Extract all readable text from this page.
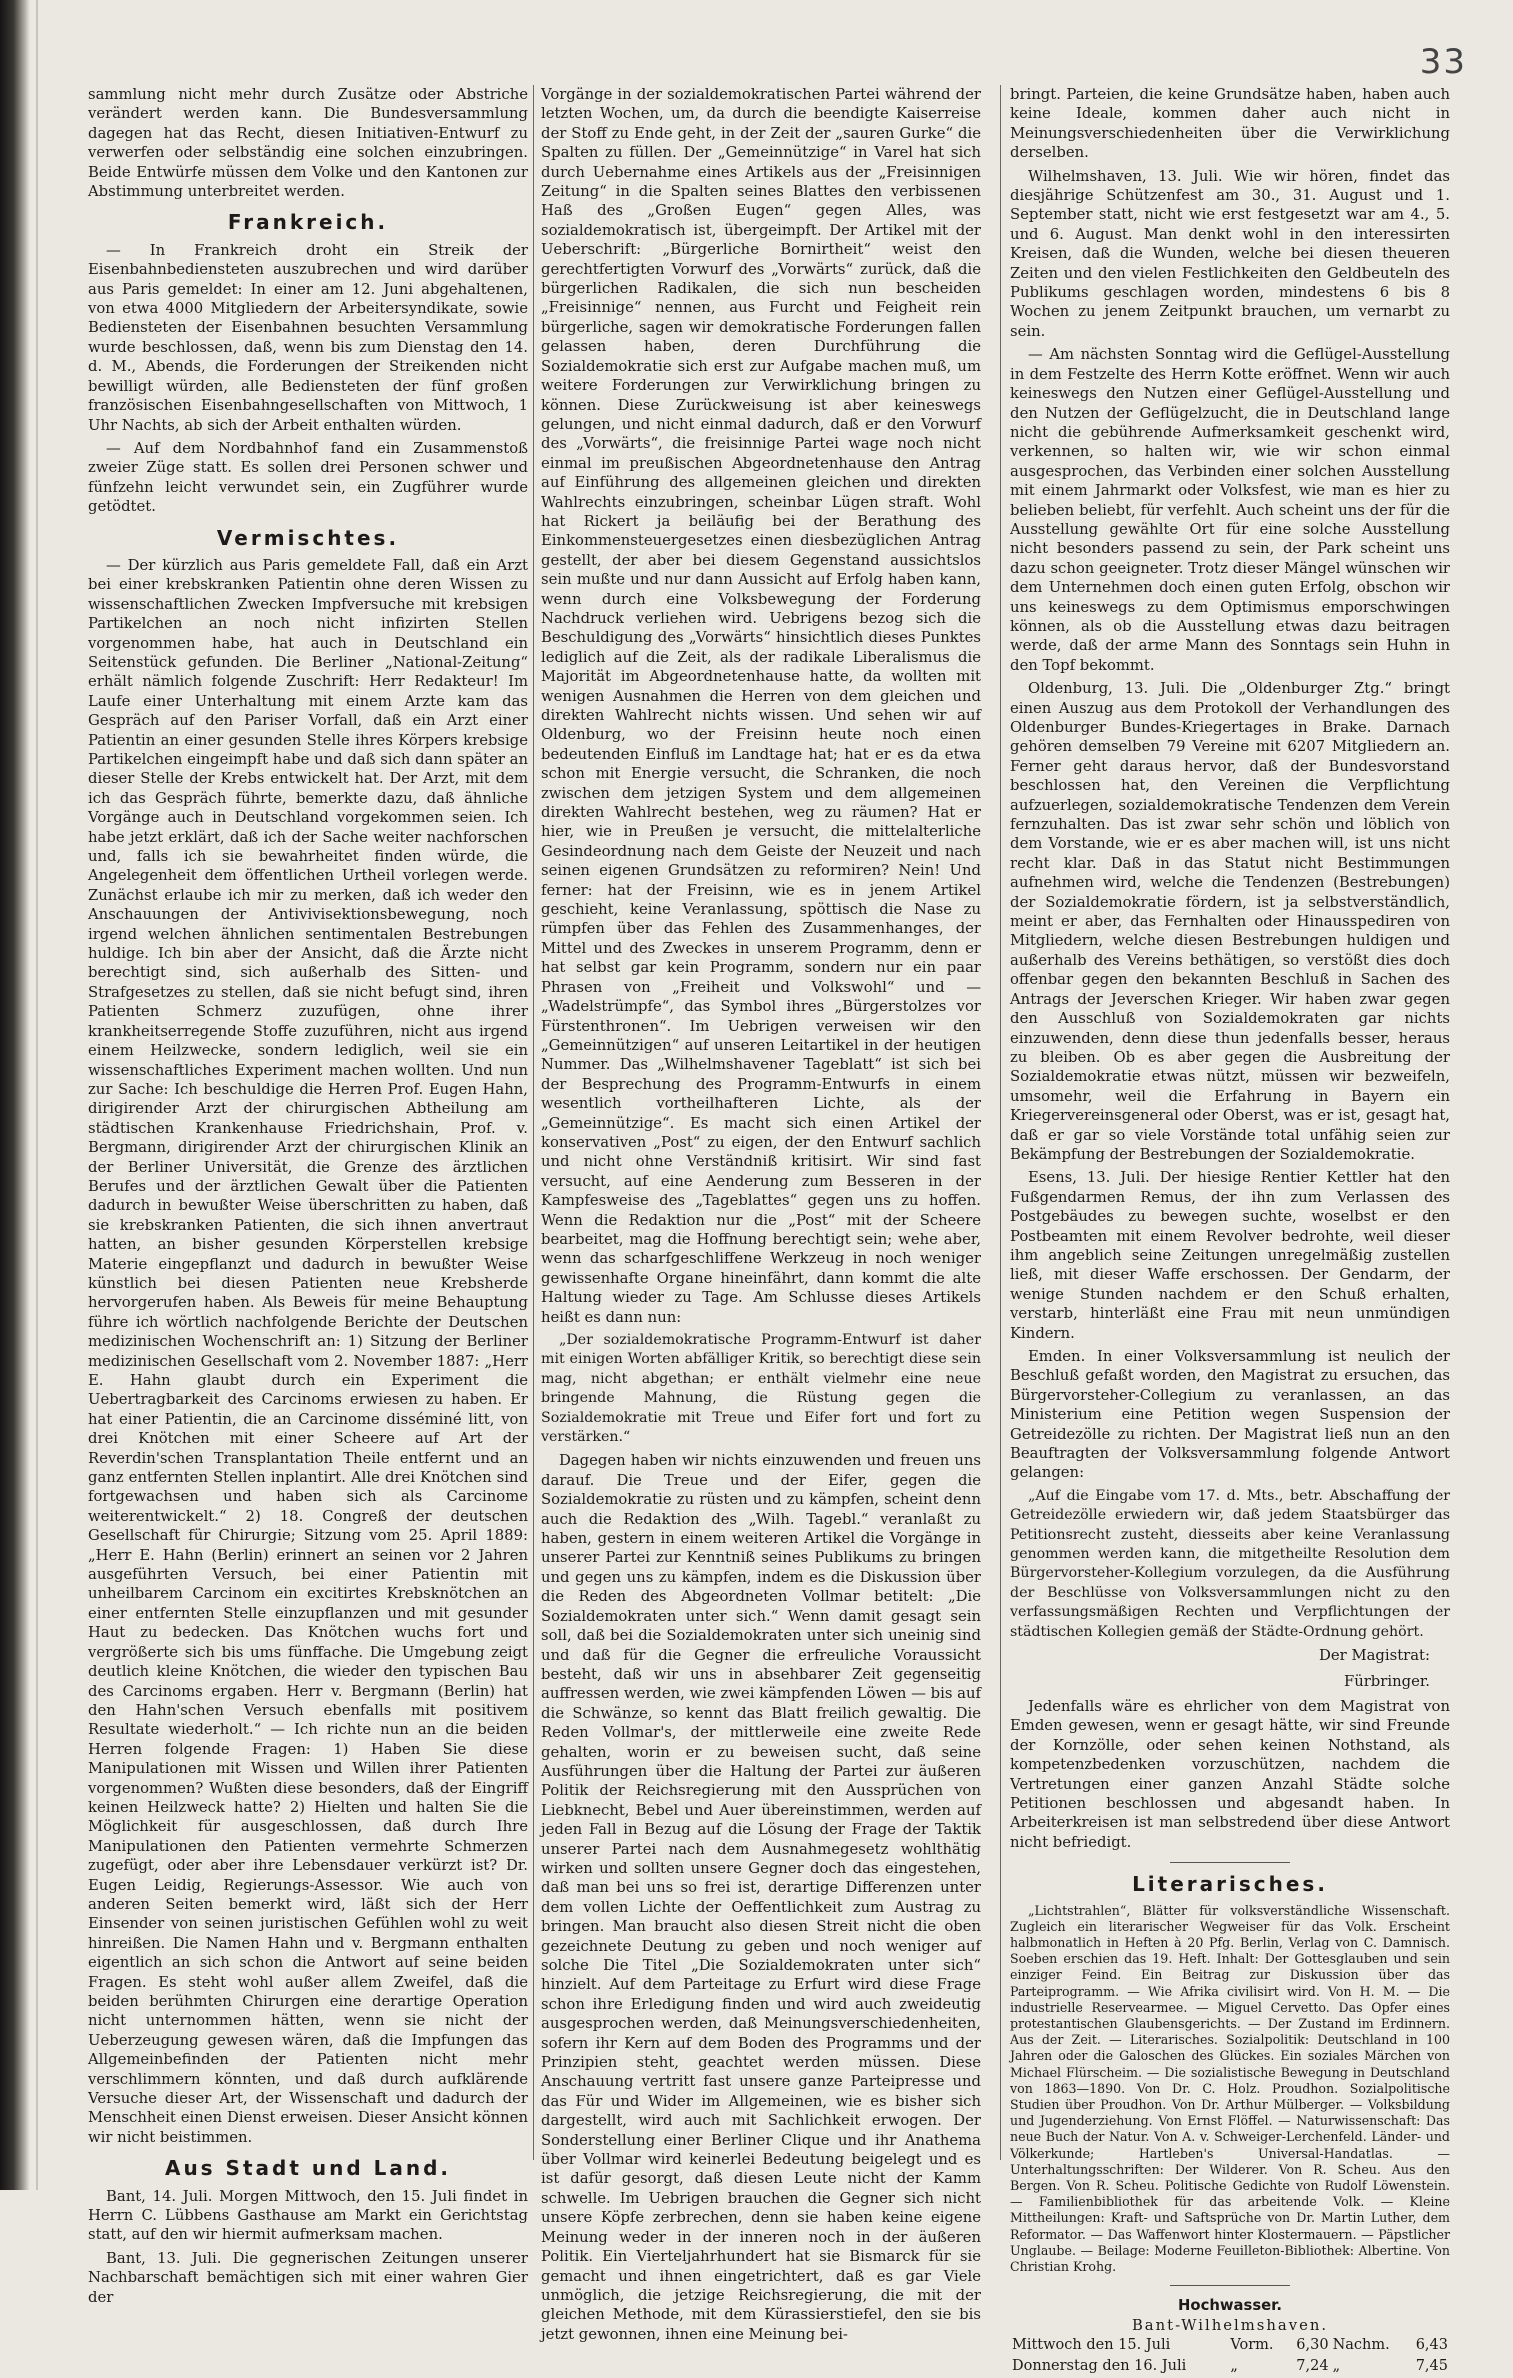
33

sammlung nicht mehr durch Zusätze oder Abstriche verändert werden kann. Die Bundesversammlung dagegen hat das Recht, diesen Initiativen-Entwurf zu verwerfen oder selbständig eine solchen einzubringen. Beide Entwürfe müssen dem Volke und den Kantonen zur Abstimmung unterbreitet werden.

Frankreich.

— In Frankreich droht ein Streik der Eisenbahnbediensteten auszubrechen und wird darüber aus Paris gemeldet: In einer am 12. Juni abgehaltenen, von etwa 4000 Mitgliedern der Arbeitersyndikate, sowie Bediensteten der Eisenbahnen besuchten Versammlung wurde beschlossen, daß, wenn bis zum Dienstag den 14. d. M., Abends, die Forderungen der Streikenden nicht bewilligt würden, alle Bediensteten der fünf großen französischen Eisenbahngesellschaften von Mittwoch, 1 Uhr Nachts, ab sich der Arbeit enthalten würden.

— Auf dem Nordbahnhof fand ein Zusammenstoß zweier Züge statt. Es sollen drei Personen schwer und fünfzehn leicht verwundet sein, ein Zugführer wurde getödtet.

Vermischtes.

— Der kürzlich aus Paris gemeldete Fall, daß ein Arzt bei einer krebskranken Patientin ohne deren Wissen zu wissenschaftlichen Zwecken Impfversuche mit krebsigen Partikelchen an noch nicht infizirten Stellen vorgenommen habe, hat auch in Deutschland ein Seitenstück gefunden. Die Berliner „National-Zeitung“ erhält nämlich folgende Zuschrift: Herr Redakteur! Im Laufe einer Unterhaltung mit einem Arzte kam das Gespräch auf den Pariser Vorfall, daß ein Arzt einer Patientin an einer gesunden Stelle ihres Körpers krebsige Partikelchen eingeimpft habe und daß sich dann später an dieser Stelle der Krebs entwickelt hat. Der Arzt, mit dem ich das Gespräch führte, bemerkte dazu, daß ähnliche Vorgänge auch in Deutschland vorgekommen seien. Ich habe jetzt erklärt, daß ich der Sache weiter nachforschen und, falls ich sie bewahrheitet finden würde, die Angelegenheit dem öffentlichen Urtheil vorlegen werde. Zunächst erlaube ich mir zu merken, daß ich weder den Anschauungen der Antivivisektionsbewegung, noch irgend welchen ähnlichen sentimentalen Bestrebungen huldige. Ich bin aber der Ansicht, daß die Ärzte nicht berechtigt sind, sich außerhalb des Sitten- und Strafgesetzes zu stellen, daß sie nicht befugt sind, ihren Patienten Schmerz zuzufügen, ohne ihrer krankheitserregende Stoffe zuzuführen, nicht aus irgend einem Heilzwecke, sondern lediglich, weil sie ein wissenschaftliches Experiment machen wollten. Und nun zur Sache: Ich beschuldige die Herren Prof. Eugen Hahn, dirigirender Arzt der chirurgischen Abtheilung am städtischen Krankenhause Friedrichshain, Prof. v. Bergmann, dirigirender Arzt der chirurgischen Klinik an der Berliner Universität, die Grenze des ärztlichen Berufes und der ärztlichen Gewalt über die Patienten dadurch in bewußter Weise überschritten zu haben, daß sie krebskranken Patienten, die sich ihnen anvertraut hatten, an bisher gesunden Körperstellen krebsige Materie eingepflanzt und dadurch in bewußter Weise künstlich bei diesen Patienten neue Krebsherde hervorgerufen haben. Als Beweis für meine Behauptung führe ich wörtlich nachfolgende Berichte der Deutschen medizinischen Wochenschrift an: 1) Sitzung der Berliner medizinischen Gesellschaft vom 2. November 1887: „Herr E. Hahn glaubt durch ein Experiment die Uebertragbarkeit des Carcinoms erwiesen zu haben. Er hat einer Patientin, die an Carcinome disséminé litt, von drei Knötchen mit einer Scheere auf Art der Reverdin'schen Transplantation Theile entfernt und an ganz entfernten Stellen inplantirt. Alle drei Knötchen sind fortgewachsen und haben sich als Carcinome weiterentwickelt.“ 2) 18. Congreß der deutschen Gesellschaft für Chirurgie; Sitzung vom 25. April 1889: „Herr E. Hahn (Berlin) erinnert an seinen vor 2 Jahren ausgeführten Versuch, bei einer Patientin mit unheilbarem Carcinom ein excitirtes Krebsknötchen an einer entfernten Stelle einzupflanzen und mit gesunder Haut zu bedecken. Das Knötchen wuchs fort und vergrößerte sich bis ums fünffache. Die Umgebung zeigt deutlich kleine Knötchen, die wieder den typischen Bau des Carcinoms ergaben. Herr v. Bergmann (Berlin) hat den Hahn'schen Versuch ebenfalls mit positivem Resultate wiederholt.“ — Ich richte nun an die beiden Herren folgende Fragen: 1) Haben Sie diese Manipulationen mit Wissen und Willen ihrer Patienten vorgenommen? Wußten diese besonders, daß der Eingriff keinen Heilzweck hatte? 2) Hielten und halten Sie die Möglichkeit für ausgeschlossen, daß durch Ihre Manipulationen den Patienten vermehrte Schmerzen zugefügt, oder aber ihre Lebensdauer verkürzt ist? Dr. Eugen Leidig, Regierungs-Assessor. Wie auch von anderen Seiten bemerkt wird, läßt sich der Herr Einsender von seinen juristischen Gefühlen wohl zu weit hinreißen. Die Namen Hahn und v. Bergmann enthalten eigentlich an sich schon die Antwort auf seine beiden Fragen. Es steht wohl außer allem Zweifel, daß die beiden berühmten Chirurgen eine derartige Operation nicht unternommen hätten, wenn sie nicht der Ueberzeugung gewesen wären, daß die Impfungen das Allgemeinbefinden der Patienten nicht mehr verschlimmern könnten, und daß durch aufklärende Versuche dieser Art, der Wissenschaft und dadurch der Menschheit einen Dienst erweisen. Dieser Ansicht können wir nicht beistimmen.

Aus Stadt und Land.

Bant, 14. Juli. Morgen Mittwoch, den 15. Juli findet in Herrn C. Lübbens Gasthause am Markt ein Gerichtstag statt, auf den wir hiermit aufmerksam machen.

Bant, 13. Juli. Die gegnerischen Zeitungen unserer Nachbarschaft bemächtigen sich mit einer wahren Gier der

Vorgänge in der sozialdemokratischen Partei während der letzten Wochen, um, da durch die beendigte Kaiserreise der Stoff zu Ende geht, in der Zeit der „sauren Gurke“ die Spalten zu füllen. Der „Gemeinnützige“ in Varel hat sich durch Uebernahme eines Artikels aus der „Freisinnigen Zeitung“ in die Spalten seines Blattes den verbissenen Haß des „Großen Eugen“ gegen Alles, was sozialdemokratisch ist, übergeimpft. Der Artikel mit der Ueberschrift: „Bürgerliche Bornirtheit“ weist den gerechtfertigten Vorwurf des „Vorwärts“ zurück, daß die bürgerlichen Radikalen, die sich nun bescheiden „Freisinnige“ nennen, aus Furcht und Feigheit rein bürgerliche, sagen wir demokratische Forderungen fallen gelassen haben, deren Durchführung die Sozialdemokratie sich erst zur Aufgabe machen muß, um weitere Forderungen zur Verwirklichung bringen zu können. Diese Zurückweisung ist aber keineswegs gelungen, und nicht einmal dadurch, daß er den Vorwurf des „Vorwärts“, die freisinnige Partei wage noch nicht einmal im preußischen Abgeordnetenhause den Antrag auf Einführung des allgemeinen gleichen und direkten Wahlrechts einzubringen, scheinbar Lügen straft. Wohl hat Rickert ja beiläufig bei der Berathung des Einkommensteuergesetzes einen diesbezüglichen Antrag gestellt, der aber bei diesem Gegenstand aussichtslos sein mußte und nur dann Aussicht auf Erfolg haben kann, wenn durch eine Volksbewegung der Forderung Nachdruck verliehen wird. Uebrigens bezog sich die Beschuldigung des „Vorwärts“ hinsichtlich dieses Punktes lediglich auf die Zeit, als der radikale Liberalismus die Majorität im Abgeordnetenhause hatte, da wollten mit wenigen Ausnahmen die Herren von dem gleichen und direkten Wahlrecht nichts wissen. Und sehen wir auf Oldenburg, wo der Freisinn heute noch einen bedeutenden Einfluß im Landtage hat; hat er es da etwa schon mit Energie versucht, die Schranken, die noch zwischen dem jetzigen System und dem allgemeinen direkten Wahlrecht bestehen, weg zu räumen? Hat er hier, wie in Preußen je versucht, die mittelalterliche Gesindeordnung nach dem Geiste der Neuzeit und nach seinen eigenen Grundsätzen zu reformiren? Nein! Und ferner: hat der Freisinn, wie es in jenem Artikel geschieht, keine Veranlassung, spöttisch die Nase zu rümpfen über das Fehlen des Zusammenhanges, der Mittel und des Zweckes in unserem Programm, denn er hat selbst gar kein Programm, sondern nur ein paar Phrasen von „Freiheit und Volkswohl“ und — „Wadelstrümpfe“, das Symbol ihres „Bürgerstolzes vor Fürstenthronen“. Im Uebrigen verweisen wir den „Gemeinnützigen“ auf unseren Leitartikel in der heutigen Nummer. Das „Wilhelmshavener Tageblatt“ ist sich bei der Besprechung des Programm-Entwurfs in einem wesentlich vortheilhafteren Lichte, als der „Gemeinnützige“. Es macht sich einen Artikel der konservativen „Post“ zu eigen, der den Entwurf sachlich und nicht ohne Verständniß kritisirt. Wir sind fast versucht, auf eine Aenderung zum Besseren in der Kampfesweise des „Tageblattes“ gegen uns zu hoffen. Wenn die Redaktion nur die „Post“ mit der Scheere bearbeitet, mag die Hoffnung berechtigt sein; wehe aber, wenn das scharfgeschliffene Werkzeug in noch weniger gewissenhafte Organe hineinfährt, dann kommt die alte Haltung wieder zu Tage. Am Schlusse dieses Artikels heißt es dann nun:

„Der sozialdemokratische Programm-Entwurf ist daher mit einigen Worten abfälliger Kritik, so berechtigt diese sein mag, nicht abgethan; er enthält vielmehr eine neue bringende Mahnung, die Rüstung gegen die Sozialdemokratie mit Treue und Eifer fort und fort zu verstärken.“

Dagegen haben wir nichts einzuwenden und freuen uns darauf. Die Treue und der Eifer, gegen die Sozialdemokratie zu rüsten und zu kämpfen, scheint denn auch die Redaktion des „Wilh. Tagebl.“ veranlaßt zu haben, gestern in einem weiteren Artikel die Vorgänge in unserer Partei zur Kenntniß seines Publikums zu bringen und gegen uns zu kämpfen, indem es die Diskussion über die Reden des Abgeordneten Vollmar betitelt: „Die Sozialdemokraten unter sich.“ Wenn damit gesagt sein soll, daß bei die Sozialdemokraten unter sich uneinig sind und daß für die Gegner die erfreuliche Voraussicht besteht, daß wir uns in absehbarer Zeit gegenseitig auffressen werden, wie zwei kämpfenden Löwen — bis auf die Schwänze, so kennt das Blatt freilich gewaltig. Die Reden Vollmar's, der mittlerweile eine zweite Rede gehalten, worin er zu beweisen sucht, daß seine Ausführungen über die Haltung der Partei zur äußeren Politik der Reichsregierung mit den Aussprüchen von Liebknecht, Bebel und Auer übereinstimmen, werden auf jeden Fall in Bezug auf die Lösung der Frage der Taktik unserer Partei nach dem Ausnahmegesetz wohlthätig wirken und sollten unsere Gegner doch das eingestehen, daß man bei uns so frei ist, derartige Differenzen unter dem vollen Lichte der Oeffentlichkeit zum Austrag zu bringen. Man braucht also diesen Streit nicht die oben gezeichnete Deutung zu geben und noch weniger auf solche Die Titel „Die Sozialdemokraten unter sich“ hinzielt. Auf dem Parteitage zu Erfurt wird diese Frage schon ihre Erledigung finden und wird auch zweideutig ausgesprochen werden, daß Meinungsverschiedenheiten, sofern ihr Kern auf dem Boden des Programms und der Prinzipien steht, geachtet werden müssen. Diese Anschauung vertritt fast unsere ganze Parteipresse und das Für und Wider im Allgemeinen, wie es bisher sich dargestellt, wird auch mit Sachlichkeit erwogen. Der Sonderstellung einer Berliner Clique und ihr Anathema über Vollmar wird keinerlei Bedeutung beigelegt und es ist dafür gesorgt, daß diesen Leute nicht der Kamm schwelle. Im Uebrigen brauchen die Gegner sich nicht unsere Köpfe zerbrechen, denn sie haben keine eigene Meinung weder in der inneren noch in der äußeren Politik. Ein Vierteljahrhundert hat sie Bismarck für sie gemacht und ihnen eingetrichtert, daß es gar Viele unmöglich, die jetzige Reichsregierung, die mit der gleichen Methode, mit dem Kürassierstiefel, den sie bis jetzt gewonnen, ihnen eine Meinung bei-

bringt. Parteien, die keine Grundsätze haben, haben auch keine Ideale, kommen daher auch nicht in Meinungsverschiedenheiten über die Verwirklichung derselben.

Wilhelmshaven, 13. Juli. Wie wir hören, findet das diesjährige Schützenfest am 30., 31. August und 1. September statt, nicht wie erst festgesetzt war am 4., 5. und 6. August. Man denkt wohl in den interessirten Kreisen, daß die Wunden, welche bei diesen theueren Zeiten und den vielen Festlichkeiten den Geldbeuteln des Publikums geschlagen worden, mindestens 6 bis 8 Wochen zu jenem Zeitpunkt brauchen, um vernarbt zu sein.

— Am nächsten Sonntag wird die Geflügel-Ausstellung in dem Festzelte des Herrn Kotte eröffnet. Wenn wir auch keineswegs den Nutzen einer Geflügel-Ausstellung und den Nutzen der Geflügelzucht, die in Deutschland lange nicht die gebührende Aufmerksamkeit geschenkt wird, verkennen, so halten wir, wie wir schon einmal ausgesprochen, das Verbinden einer solchen Ausstellung mit einem Jahrmarkt oder Volksfest, wie man es hier zu belieben beliebt, für verfehlt. Auch scheint uns der für die Ausstellung gewählte Ort für eine solche Ausstellung nicht besonders passend zu sein, der Park scheint uns dazu schon geeigneter. Trotz dieser Mängel wünschen wir dem Unternehmen doch einen guten Erfolg, obschon wir uns keineswegs zu dem Optimismus emporschwingen können, als ob die Ausstellung etwas dazu beitragen werde, daß der arme Mann des Sonntags sein Huhn in den Topf bekommt.

Oldenburg, 13. Juli. Die „Oldenburger Ztg.“ bringt einen Auszug aus dem Protokoll der Verhandlungen des Oldenburger Bundes-Kriegertages in Brake. Darnach gehören demselben 79 Vereine mit 6207 Mitgliedern an. Ferner geht daraus hervor, daß der Bundesvorstand beschlossen hat, den Vereinen die Verpflichtung aufzuerlegen, sozialdemokratische Tendenzen dem Verein fernzuhalten. Das ist zwar sehr schön und löblich von dem Vorstande, wie er es aber machen will, ist uns nicht recht klar. Daß in das Statut nicht Bestimmungen aufnehmen wird, welche die Tendenzen (Bestrebungen) der Sozialdemokratie fördern, ist ja selbstverständlich, meint er aber, das Fernhalten oder Hinausspediren von Mitgliedern, welche diesen Bestrebungen huldigen und außerhalb des Vereins bethätigen, so verstößt dies doch offenbar gegen den bekannten Beschluß in Sachen des Antrags der Jeverschen Krieger. Wir haben zwar gegen den Ausschluß von Sozialdemokraten gar nichts einzuwenden, denn diese thun jedenfalls besser, heraus zu bleiben. Ob es aber gegen die Ausbreitung der Sozialdemokratie etwas nützt, müssen wir bezweifeln, umsomehr, weil die Erfahrung in Bayern ein Kriegervereinsgeneral oder Oberst, was er ist, gesagt hat, daß er gar so viele Vorstände total unfähig seien zur Bekämpfung der Bestrebungen der Sozialdemokratie.

Esens, 13. Juli. Der hiesige Rentier Kettler hat den Fußgendarmen Remus, der ihn zum Verlassen des Postgebäudes zu bewegen suchte, woselbst er den Postbeamten mit einem Revolver bedrohte, weil dieser ihm angeblich seine Zeitungen unregelmäßig zustellen ließ, mit dieser Waffe erschossen. Der Gendarm, der wenige Stunden nachdem er den Schuß erhalten, verstarb, hinterläßt eine Frau mit neun unmündigen Kindern.

Emden. In einer Volksversammlung ist neulich der Beschluß gefaßt worden, den Magistrat zu ersuchen, das Bürgervorsteher-Collegium zu veranlassen, an das Ministerium eine Petition wegen Suspension der Getreidezölle zu richten. Der Magistrat ließ nun an den Beauftragten der Volksversammlung folgende Antwort gelangen:

„Auf die Eingabe vom 17. d. Mts., betr. Abschaffung der Getreidezölle erwiedern wir, daß jedem Staatsbürger das Petitionsrecht zusteht, diesseits aber keine Veranlassung genommen werden kann, die mitgetheilte Resolution dem Bürgervorsteher-Kollegium vorzulegen, da die Ausführung der Beschlüsse von Volksversammlungen nicht zu den verfassungsmäßigen Rechten und Verpflichtungen der städtischen Kollegien gemäß der Städte-Ordnung gehört.

Der Magistrat:
Fürbringer.

Jedenfalls wäre es ehrlicher von dem Magistrat von Emden gewesen, wenn er gesagt hätte, wir sind Freunde der Kornzölle, oder sehen keinen Nothstand, als kompetenzbedenken vorzuschützen, nachdem die Vertretungen einer ganzen Anzahl Städte solche Petitionen beschlossen und abgesandt haben. In Arbeiterkreisen ist man selbstredend über diese Antwort nicht befriedigt.

Literarisches.

„Lichtstrahlen“, Blätter für volksverständliche Wissenschaft. Zugleich ein literarischer Wegweiser für das Volk. Erscheint halbmonatlich in Heften à 20 Pfg. Berlin, Verlag von C. Damnisch. Soeben erschien das 19. Heft. Inhalt: Der Gottesglauben und sein einziger Feind. Ein Beitrag zur Diskussion über das Parteiprogramm. — Wie Afrika civilisirt wird. Von H. M. — Die industrielle Reservearmee. — Miguel Cervetto. Das Opfer eines protestantischen Glaubensgerichts. — Der Zustand im Erdinnern. Aus der Zeit. — Literarisches. Sozialpolitik: Deutschland in 100 Jahren oder die Galoschen des Glückes. Ein soziales Märchen von Michael Flürscheim. — Die sozialistische Bewegung in Deutschland von 1863—1890. Von Dr. C. Holz. Proudhon. Sozialpolitische Studien über Proudhon. Von Dr. Arthur Mülberger. — Volksbildung und Jugenderziehung. Von Ernst Flöffel. — Naturwissenschaft: Das neue Buch der Natur. Von A. v. Schweiger-Lerchenfeld. Länder- und Völkerkunde; Hartleben's Universal-Handatlas. — Unterhaltungsschriften: Der Wilderer. Von R. Scheu. Aus den Bergen. Von R. Scheu. Politische Gedichte von Rudolf Löwenstein. — Familienbibliothek für das arbeitende Volk. — Kleine Mittheilungen: Kraft- und Saftsprüche von Dr. Martin Luther, dem Reformator. — Das Waffenwort hinter Klostermauern. — Päpstlicher Unglaube. — Beilage: Moderne Feuilleton-Bibliothek: Albertine. Von Christian Krohg.

Hochwasser.
Bant-Wilhelmshaven.
Mittwoch den 15. Juli	Vorm.	6,30	Nachm.	6,43
Donnerstag den 16. Juli	„	7,24	„	7,45
